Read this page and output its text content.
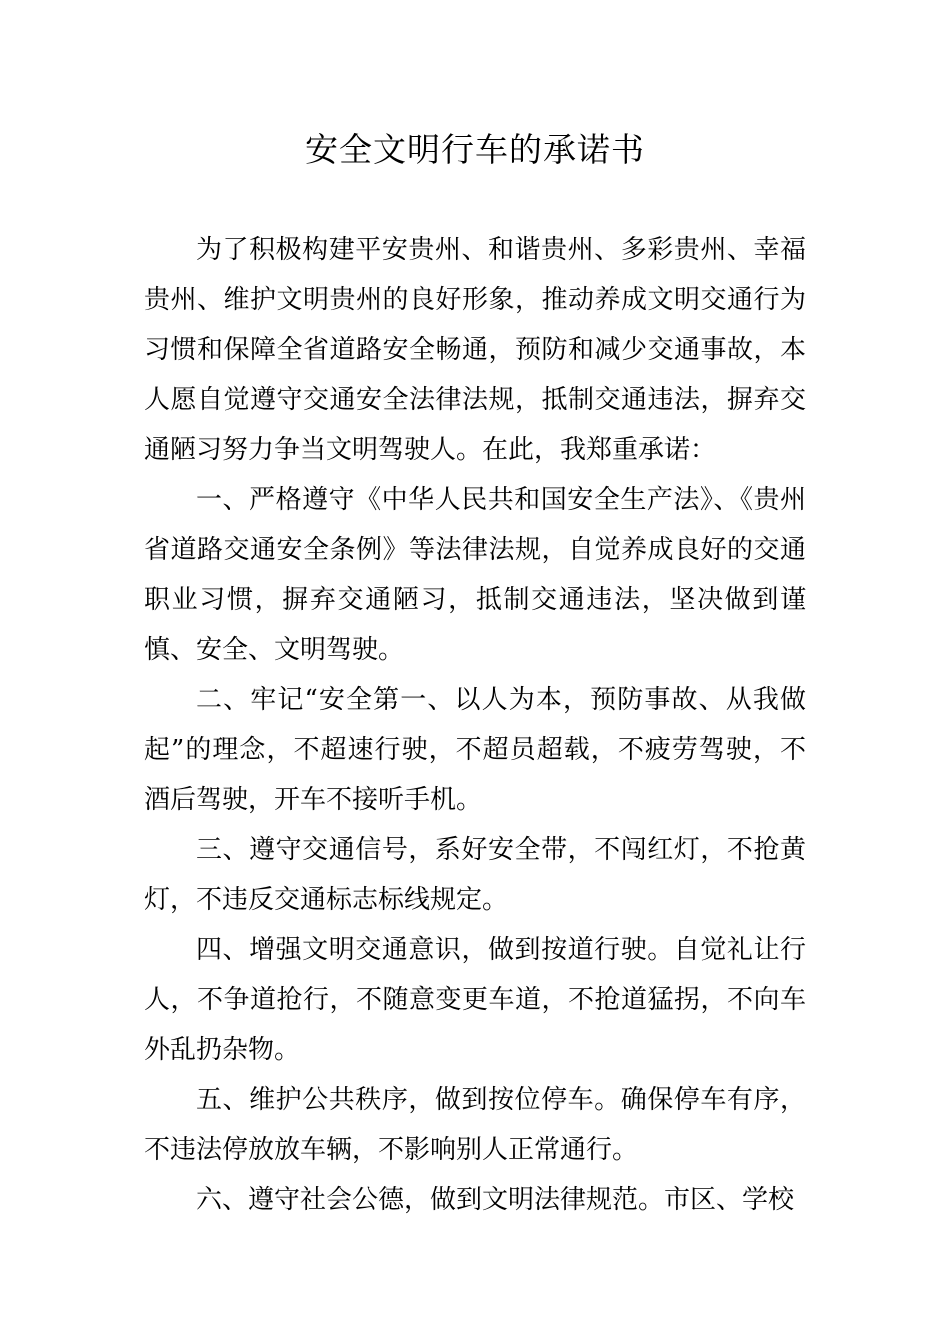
安全文明行车的承诺书

为了积极构建平安贵州、和谐贵州、多彩贵州、幸福贵州、维护文明贵州的良好形象，推动养成文明交通行为习惯和保障全省道路安全畅通，预防和减少交通事故，本人愿自觉遵守交通安全法律法规，抵制交通违法，摒弃交通陋习努力争当文明驾驶人。在此，我郑重承诺：

一、严格遵守《中华人民共和国安全生产法》、《贵州省道路交通安全条例》等法律法规，自觉养成良好的交通职业习惯，摒弃交通陋习，抵制交通违法，坚决做到谨慎、安全、文明驾驶。

二、牢记“安全第一、以人为本，预防事故、从我做起”的理念，不超速行驶，不超员超载，不疲劳驾驶，不酒后驾驶，开车不接听手机。

三、遵守交通信号，系好安全带，不闯红灯，不抢黄灯，不违反交通标志标线规定。

四、增强文明交通意识，做到按道行驶。自觉礼让行人，不争道抢行，不随意变更车道，不抢道猛拐，不向车外乱扔杂物。

五、维护公共秩序，做到按位停车。确保停车有序，不违法停放放车辆，不影响别人正常通行。

六、遵守社会公德，做到文明法律规范。市区、学校
